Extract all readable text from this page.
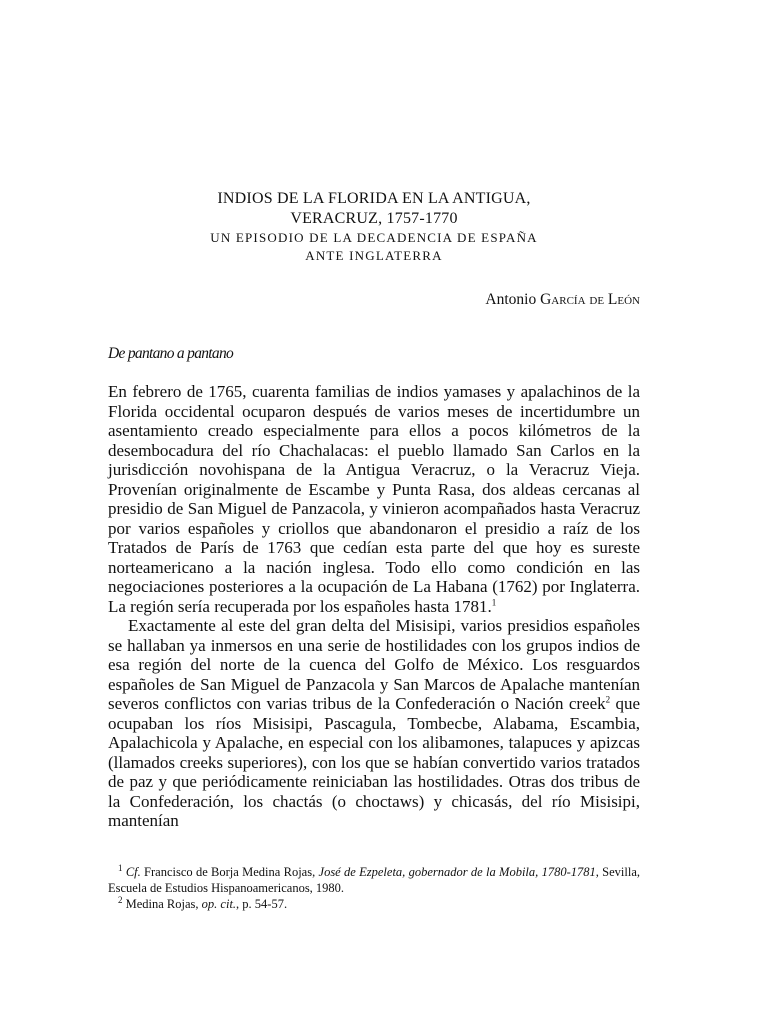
INDIOS DE LA FLORIDA EN LA ANTIGUA,
VERACRUZ, 1757-1770
UN EPISODIO DE LA DECADENCIA DE ESPAÑA
ANTE INGLATERRA
Antonio García de León
De pantano a pantano

En febrero de 1765, cuarenta familias de indios yamases y apalachinos de la Florida occidental ocuparon después de varios meses de incertidumbre un asentamiento creado especialmente para ellos a pocos kilómetros de la desembocadura del río Chachalacas: el pueblo llamado San Carlos en la jurisdicción novohispana de la Antigua Veracruz, o la Veracruz Vieja. Provenían originalmente de Escambe y Punta Rasa, dos aldeas cercanas al presidio de San Miguel de Panzacola, y vinieron acompañados hasta Veracruz por varios españoles y criollos que abandonaron el presidio a raíz de los Tratados de París de 1763 que cedían esta parte del que hoy es sureste norteamericano a la nación inglesa. Todo ello como condición en las negociaciones posteriores a la ocupación de La Habana (1762) por Inglaterra. La región sería recuperada por los españoles hasta 1781.$^1$

Exactamente al este del gran delta del Misisipi, varios presidios españoles se hallaban ya inmersos en una serie de hostilidades con los grupos indios de esa región del norte de la cuenca del Golfo de México. Los resguardos españoles de San Miguel de Panzacola y San Marcos de Apalache mantenían severos conflictos con varias tribus de la Confederación o Nación creek$^2$ que ocupaban los ríos Misisipi, Pascagula, Tombecbe, Alabama, Escambia, Apalachicola y Apalache, en especial con los alibamones, talapuces y apizcas (llamados creeks superiores), con los que se habían convertido varios tratados de paz y que periódicamente reiniciaban las hostilidades. Otras dos tribus de la Confederación, los chactás (o choctaws) y chicasás, del río Misisipi, mantenían

$^1$ Cf. Francisco de Borja Medina Rojas, José de Ezpeleta, gobernador de la Mobila, 1780-1781, Sevilla, Escuela de Estudios Hispanoamericanos, 1980.

$^2$ Medina Rojas, op. cit., p. 54-57.
